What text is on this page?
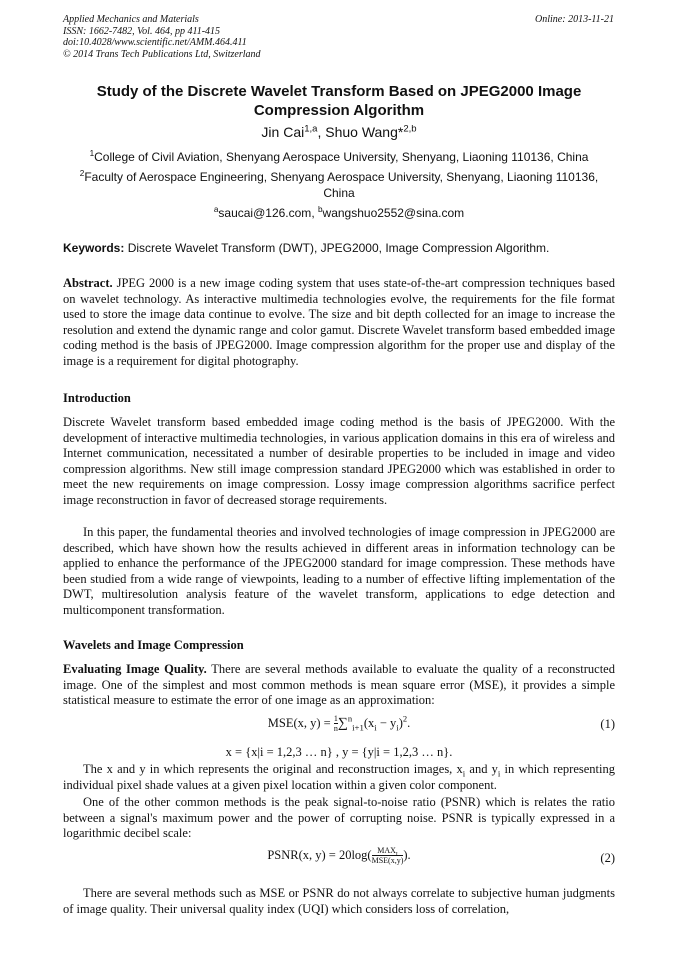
Applied Mechanics and Materials
ISSN: 1662-7482, Vol. 464, pp 411-415
doi:10.4028/www.scientific.net/AMM.464.411
© 2014 Trans Tech Publications Ltd, Switzerland
Online: 2013-11-21
Study of the Discrete Wavelet Transform Based on JPEG2000 Image Compression Algorithm
Jin Cai$^{1,a}$, Shuo Wang*$^{2,b}$
$^1$College of Civil Aviation, Shenyang Aerospace University, Shenyang, Liaoning 110136, China
$^2$Faculty of Aerospace Engineering, Shenyang Aerospace University, Shenyang, Liaoning 110136, China
$^a$saucai@126.com, $^b$wangshuo2552@sina.com
Keywords: Discrete Wavelet Transform (DWT), JPEG2000, Image Compression Algorithm.
Abstract. JPEG 2000 is a new image coding system that uses state-of-the-art compression techniques based on wavelet technology. As interactive multimedia technologies evolve, the requirements for the file format used to store the image data continue to evolve. The size and bit depth collected for an image to increase the resolution and extend the dynamic range and color gamut. Discrete Wavelet transform based embedded image coding method is the basis of JPEG2000. Image compression algorithm for the proper use and display of the image is a requirement for digital photography.
Introduction
Discrete Wavelet transform based embedded image coding method is the basis of JPEG2000. With the development of interactive multimedia technologies, in various application domains in this era of wireless and Internet communication, necessitated a number of desirable properties to be included in image and video compression algorithms. New still image compression standard JPEG2000 which was established in order to meet the new requirements on image compression. Lossy image compression algorithms sacrifice perfect image reconstruction in favor of decreased storage requirements.
In this paper, the fundamental theories and involved technologies of image compression in JPEG2000 are described, which have shown how the results achieved in different areas in information technology can be applied to enhance the performance of the JPEG2000 standard for image compression. These methods have been studied from a wide range of viewpoints, leading to a number of effective lifting implementation of the DWT, multiresolution analysis feature of the wavelet transform, applications to edge detection and multicomponent transformation.
Wavelets and Image Compression
Evaluating Image Quality. There are several methods available to evaluate the quality of a reconstructed image. One of the simplest and most common methods is mean square error (MSE), it provides a simple statistical measure to estimate the error of one image as an approximation:
MSE(x, $y) = \frac{1}{n} \sum^n_{i+1}(x_i - y_i)^2$.	(1)
x = {x|i = 1,2,3 … n} , y = {y|i = 1,2,3 … n}.
The x and y in which represents the original and reconstruction images, $x_i$ and $y_i$ in which representing individual pixel shade values at a given pixel location within a given color component.
One of the other common methods is the peak signal-to-noise ratio (PSNR) which is relates the ratio between a signal's maximum power and the power of corrupting noise. PSNR is typically expressed in a logarithmic decibel scale:
PSNR(x, $y) = 20\log( \frac{MAX_I}{\text{MSE(x,y)}}$ ).	(2)
There are several methods such as MSE or PSNR do not always correlate to subjective human judgments of image quality. Their universal quality index (UQI) which considers loss of correlation,
